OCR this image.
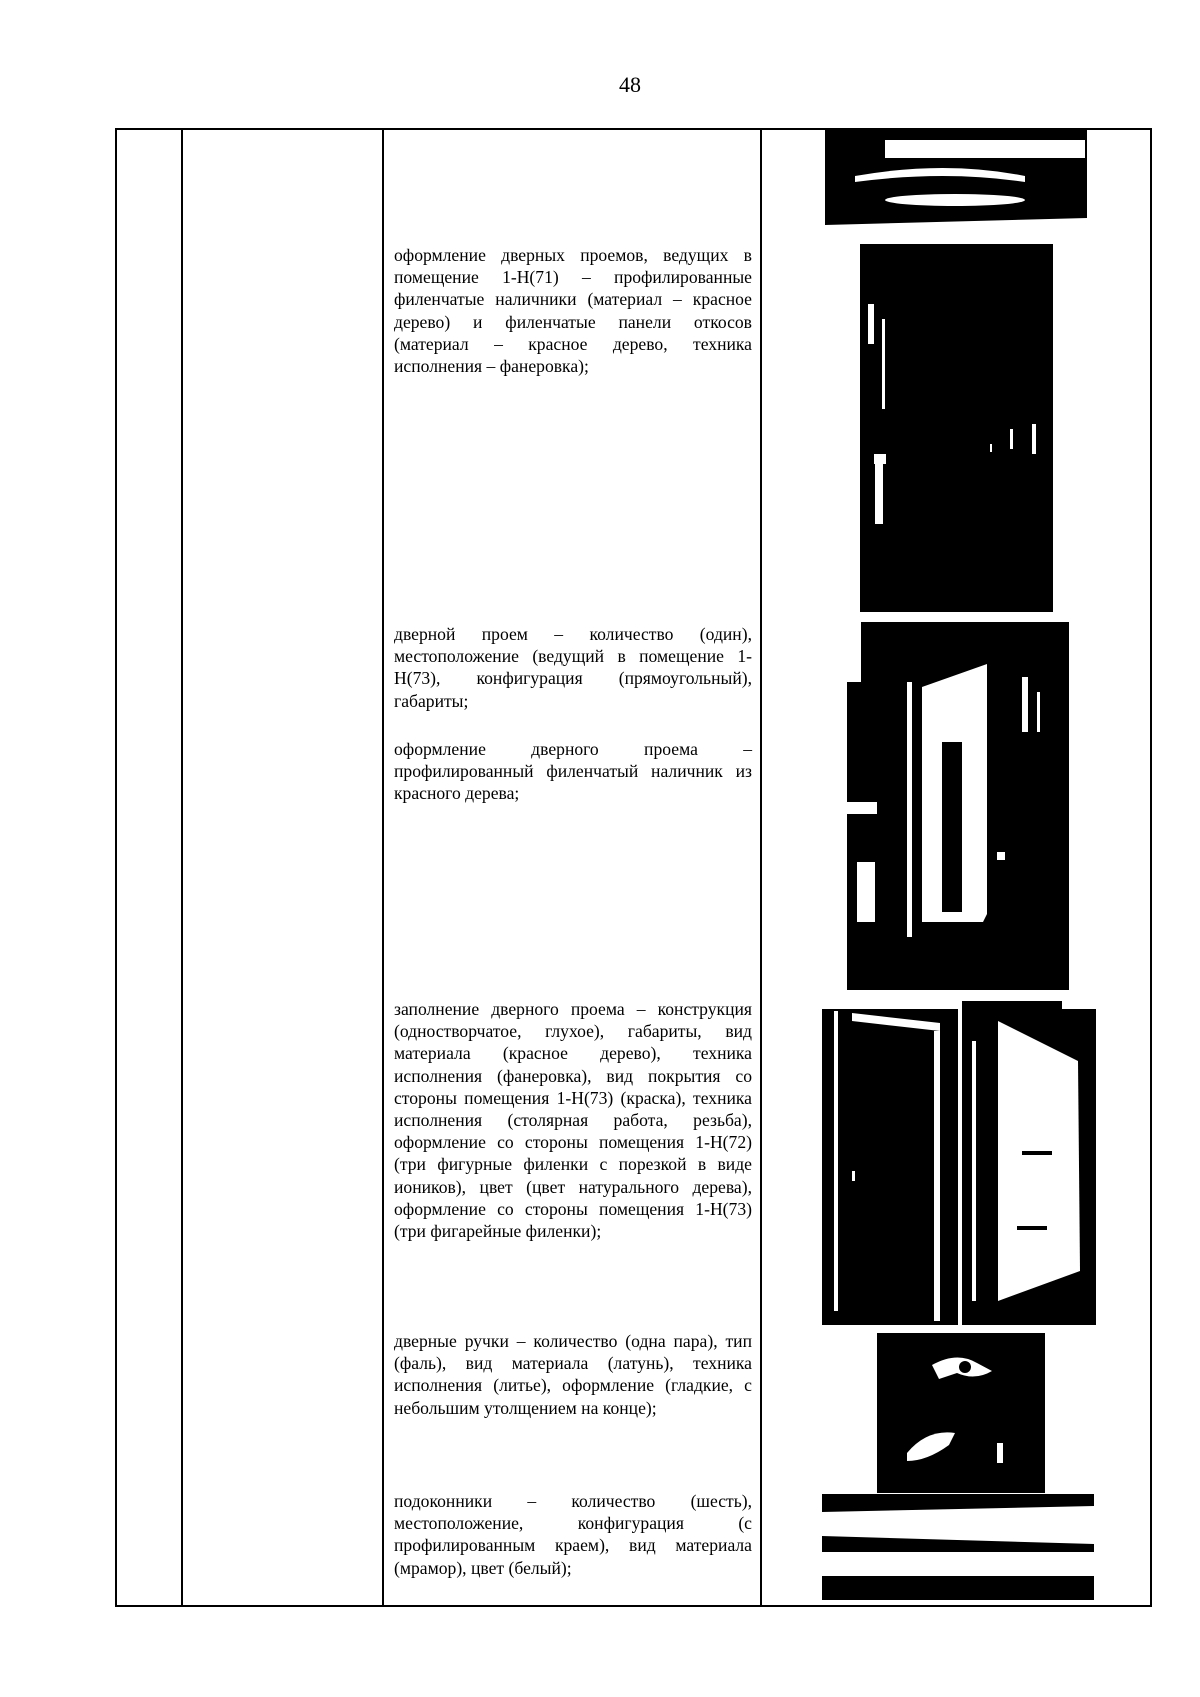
48

оформление дверных проемов, ведущих в помещение 1-Н(71) – профилированные филенчатые наличники (материал – красное дерево) и филенчатые панели откосов (материал – красное дерево, техника исполнения – фанеровка);

дверной проем – количество (один), местоположение (ведущий в помещение 1-Н(73), конфигурация (прямоугольный), габариты;

оформление дверного проема – профилированный филенчатый наличник из красного дерева;

заполнение дверного проема – конструкция (одностворчатое, глухое), габариты, вид материала (красное дерево), техника исполнения (фанеровка), вид покрытия со стороны помещения 1-Н(73) (краска), техника исполнения (столярная работа, резьба), оформление со стороны помещения 1-Н(72) (три фигурные филенки с порезкой в виде иоников), цвет (цвет натурального дерева), оформление со стороны помещения 1-Н(73) (три фигарейные филенки);

дверные ручки – количество (одна пара), тип (фаль), вид материала (латунь), техника исполнения (литье), оформление (гладкие, с небольшим утолщением на конце);

подоконники – количество (шесть), местоположение, конфигурация (с профилированным краем), вид материала (мрамор), цвет (белый);
